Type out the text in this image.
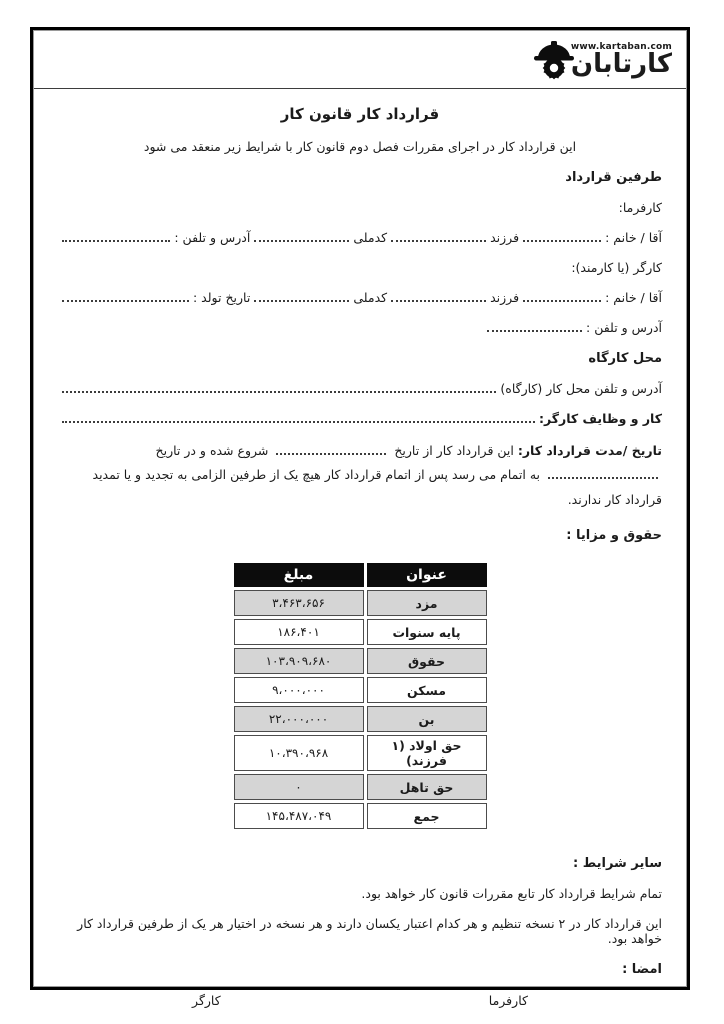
www.kartaban.com
کارتابان
قرارداد کار قانون کار
این قرارداد کار در اجرای مقررات فصل دوم قانون کار با شرایط زیر منعقد می شود
طرفین قرارداد
کارفرما:
آقا / خانم :
فرزند
کدملی
آدرس و تلفن :
کارگر (یا کارمند):
آقا / خانم :
فرزند
کدملی
تاریخ تولد :
آدرس و تلفن :
محل کارگاه
آدرس و تلفن محل کار (کارگاه)
کار و وظایف کارگر:
تاریخ /مدت قرارداد کار: این قرارداد کار از تاریخ  شروع شده و در تاریخ  به اتمام می رسد پس از اتمام قرارداد کار هیچ یک از طرفین الزامی به تجدید و یا تمدید قرارداد کار ندارند.
حقوق و مزایا :
عنوان	مبلغ
مزد	۳،۴۶۳،۶۵۶
پایه سنوات	۱۸۶،۴۰۱
حقوق	۱۰۳،۹۰۹،۶۸۰
مسکن	۹،۰۰۰،۰۰۰
بن	۲۲،۰۰۰،۰۰۰
حق اولاد (۱ فرزند)	۱۰،۳۹۰،۹۶۸
حق تاهل	۰
جمع	۱۴۵،۴۸۷،۰۴۹
سایر شرایط :
تمام شرایط قرارداد کار تابع مقررات قانون کار خواهد بود.
این قرارداد کار در ۲ نسخه تنظیم و هر کدام اعتبار یکسان دارند و هر نسخه در اختیار هر یک از طرفین قرارداد کار خواهد بود.
امضا :
کارفرما
کارگر
